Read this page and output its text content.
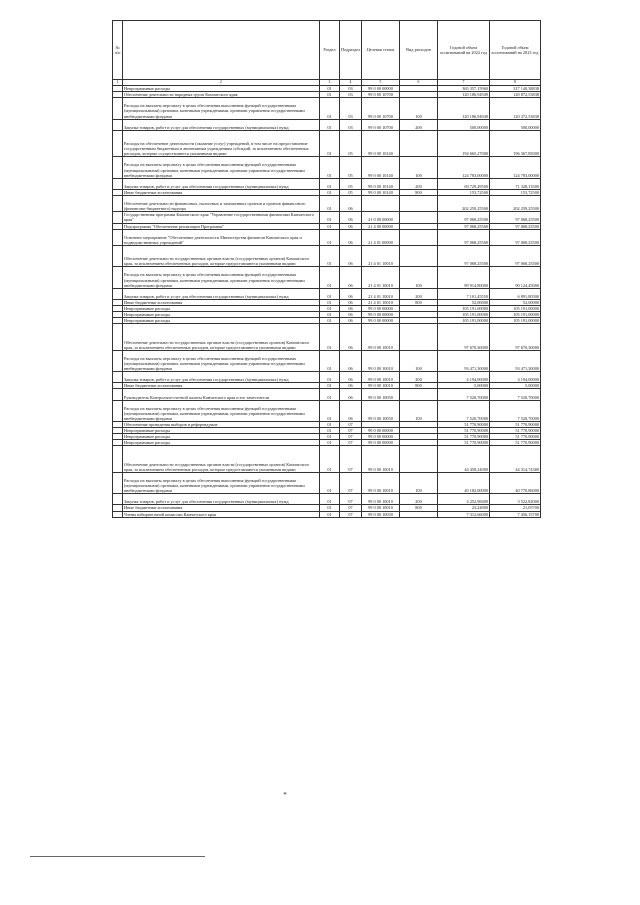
№ п/п		Раздел	Подраздел	Целевая статья	Вид расходов	Годовой объем ассигнований на 2022 год	Годовой объем ассигнований на 2023 год
1	2	3	4	5	6	7	8
	Непрограммные расходы	01	03	99 0 00 00000		365 357,15960	317 140,38838
	Обеспечение деятельности народных групп Камчатского края	01	03	99 0 00 10700		120 186,94949	120 872,53838
	Расходы на выплаты персоналу в целях обеспечения выполнения функций государственными (муниципальными) органами, казенными учреждениями, органами управления государственными внебюджетными фондами	01	03	99 0 00 10700	100	120 186,94949	120 372,53838
	Закупка товаров, работ и услуг для обеспечения государственных (муниципальных) нужд	01	03	99 0 00 10700	200	500,00000	500,00000
	Расходы на обеспечение деятельности (оказание услуг) учреждений, в том числе на предоставление государственным бюджетным и автономным учреждениям субсидий, за исключением обеспеченных расходов, которые осуществляются указанными видами	01	05	99 0 00 10140		194 665,27000	196 367,85000
	Расходы на выплаты персоналу в целях обеспечения выполнения функций государственными (муниципальными) органами, казенными учреждениями, органами управления государственными внебюджетными фондами	01	05	99 0 00 10140	100	124 783,00000	124 783,00000
	Закупка товаров, работ и услуг для обеспечения государственных (муниципальных) нужд	01	05	99 0 00 10140	200	69 729,49500	71 328,13500
	Иные бюджетные ассигнования	01	05	99 0 00 10140	800	153,72500	153,72500
	Обеспечение деятельности финансовых, налоговых и таможенных органов и органов финансового (финансово-бюджетного) надзора	01	06			202 259,25500	202 259,25500
	Государственная программа Камчатского края "Управление государственными финансами Камчатского края"	01	06	21 0 00 00000		97 068,25500	97 068,25500
	Подпрограмма "Обеспечение реализации Программы"	01	06	21 4 00 00000		97 068,25500	97 068,25500
	Основное мероприятие "Обеспечение деятельности Министерства финансов Камчатского края и подведомственных учреждений"	01	06	21 4 01 00000		97 068,25500	97 068,25500
	Обеспечение деятельности государственных органов власти (государственных органов) Камчатского края, за исключением обеспеченных расходов, которые предоставляются указанными видами	01	06	21 4 01 10010		97 068,25500	97 068,25500
	Расходы на выплаты персоналу в целях обеспечения выполнения функций государственными (муниципальными) органами, казенными учреждениями, органами управления государственными внебюджетными фондами	01	06	21 4 01 10010	100	89 914,80000	90 124,45000
	Закупка товаров, работ и услуг для обеспечения государственных (муниципальных) нужд	01	06	21 4 01 10010	200	7 101,45550	6 891,80500
	Иные бюджетные ассигнования	01	06	21 4 01 10010	800	52,00000	52,00000
	Непрограммные расходы	01	06	99 0 00 00000		105 191,00000	105 191,00000
	Непрограммные расходы	01	06	99 0 00 00000		105 191,00000	105 191,00000
	Непрограммные расходы	01	06	99 0 00 00000		105 191,00000	105 191,00000
	Обеспечение деятельности государственных органов власти (государственных органов) Камчатского края, за исключением обеспеченных расходов, которые предоставляются указанными видами	01	06	99 0 00 10010		97 670,30000	97 670,30000
	Расходы на выплаты персоналу в целях обеспечения выполнения функций государственными (муниципальными) органами, казенными учреждениями, органами управления государственными внебюджетными фондами	01	06	99 0 00 10010	100	93 471,30000	93 471,30000
	Закупка товаров, работ и услуг для обеспечения государственных (муниципальных) нужд	01	06	99 0 00 10010	200	4 194,00000	4 194,00000
	Иные бюджетные ассигнования	01	06	99 0 00 10010	800	5,00000	5,00000
	Руководитель Контрольно-счетной палаты Камчатского края и его заместители	01	06	99 0 00 10050		7 520,70000	7 520,70000
	Расходы на выплаты персоналу в целях обеспечения выполнения функций государственными (муниципальными) органами, казенными учреждениями, органами управления государственными внебюджетными фондами	01	06	99 0 00 10050	100	7 520,70000	7 520,70000
	Обеспечение проведения выборов и референдумов	01	07			51 770,90000	51 770,90000
	Непрограммные расходы	01	07	99 0 00 00000		51 770,90000	51 770,90000
	Непрограммные расходы	01	07	99 0 00 00000		51 770,90000	51 770,90000
	Непрограммные расходы	01	07	99 0 00 00000		51 770,90000	51 770,90000
	Обеспечение деятельности государственных органов власти (государственных органов) Камчатского края, за исключением обеспеченных расходов, которые предоставляются указанными видами	01	07	99 0 00 10010		44 458,24000	44 314,74380
	Расходы на выплаты персоналу в целях обеспечения выполнения функций государственными (муниципальными) органами, казенными учреждениями, органами управления государственными внебюджетными фондами	01	07	99 0 00 10010	100	40 182,00000	40 770,86000
	Закупка товаров, работ и услуг для обеспечения государственных (муниципальных) нужд	01	07	99 0 00 10010	200	4 252,98400	3 522,82000
	Иные бюджетные ассигнования	01	07	99 0 00 10010	800	23,24800	21,05700
	Члены избирательной комиссии Камчатского края	01	07	99 0 00 10030		7 312,66000	7 456,15700
*
